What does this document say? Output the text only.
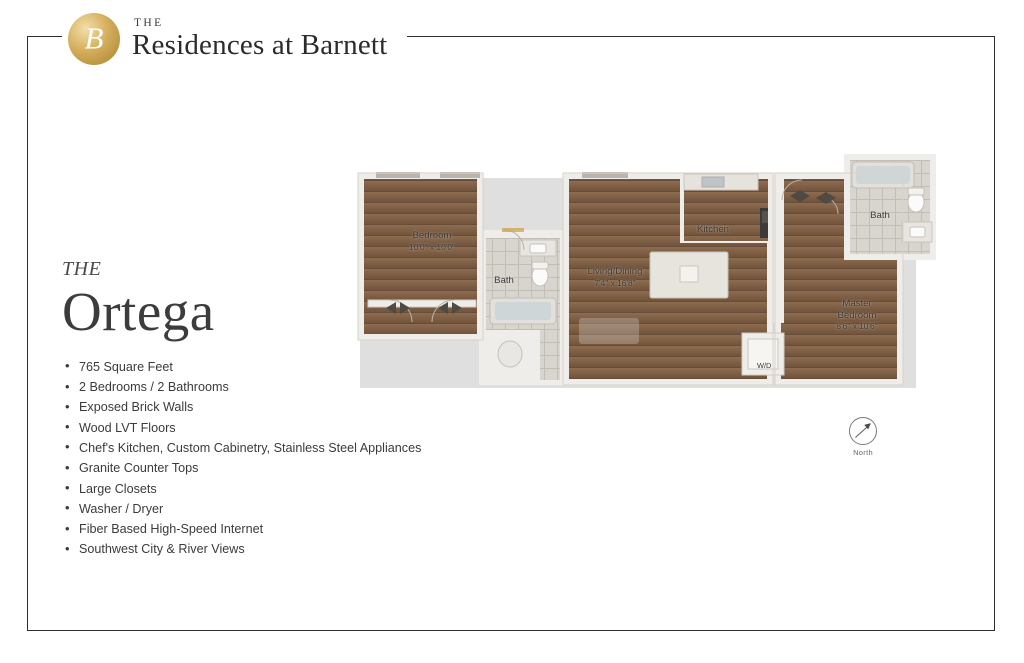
B	THE
Residences at Barnett
THE
Ortega
• 765 Square Feet
• 2 Bedrooms / 2 Bathrooms
• Exposed Brick Walls
• Wood LVT Floors
• Chef's Kitchen, Custom Cabinetry, Stainless Steel Appliances
• Granite Counter Tops
• Large Closets
• Washer / Dryer
• Fiber Based High-Speed Internet
• Southwest City & River Views
Bedroom
10'0" x 10'0"
Bath
Living/Dining
7'4" x 16'8"
Kitchen
Bath
Master
Bedroom
8'6" x 10'6"
W/D
North
